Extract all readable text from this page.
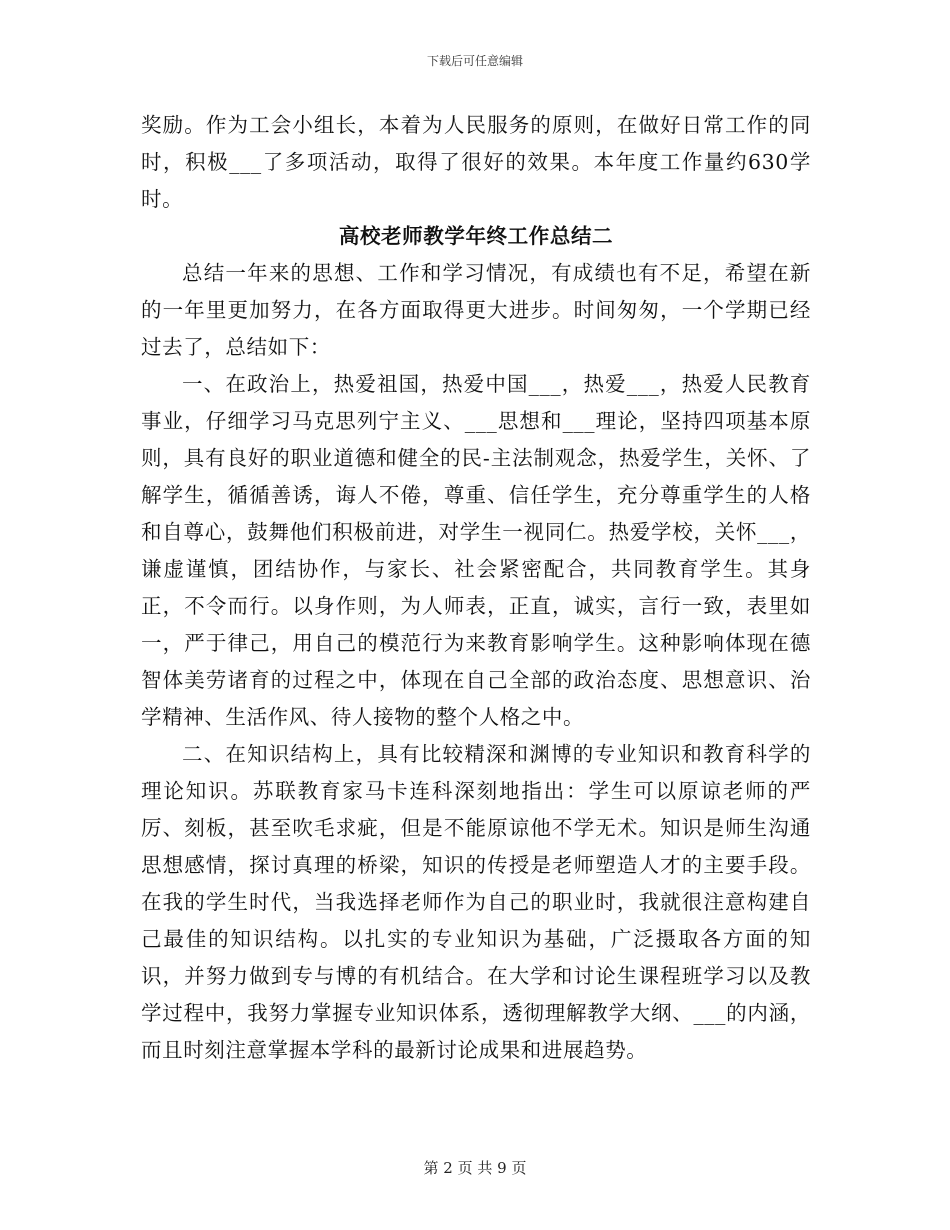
下载后可任意编辑

奖励。作为工会小组长，本着为人民服务的原则，在做好日常工作的同时，积极___了多项活动，取得了很好的效果。本年度工作量约630学时。

高校老师教学年终工作总结二

总结一年来的思想、工作和学习情况，有成绩也有不足，希望在新的一年里更加努力，在各方面取得更大进步。时间匆匆，一个学期已经过去了，总结如下：

一、在政治上，热爱祖国，热爱中国___，热爱___，热爱人民教育事业，仔细学习马克思列宁主义、___思想和___理论，坚持四项基本原则，具有良好的职业道德和健全的民-主法制观念，热爱学生，关怀、了解学生，循循善诱，诲人不倦，尊重、信任学生，充分尊重学生的人格和自尊心，鼓舞他们积极前进，对学生一视同仁。热爱学校，关怀___，谦虚谨慎，团结协作，与家长、社会紧密配合，共同教育学生。其身正，不令而行。以身作则，为人师表，正直，诚实，言行一致，表里如一，严于律己，用自己的模范行为来教育影响学生。这种影响体现在德智体美劳诸育的过程之中，体现在自己全部的政治态度、思想意识、治学精神、生活作风、待人接物的整个人格之中。

二、在知识结构上，具有比较精深和渊博的专业知识和教育科学的理论知识。苏联教育家马卡连科深刻地指出：学生可以原谅老师的严厉、刻板，甚至吹毛求疵，但是不能原谅他不学无术。知识是师生沟通思想感情，探讨真理的桥梁，知识的传授是老师塑造人才的主要手段。在我的学生时代，当我选择老师作为自己的职业时，我就很注意构建自己最佳的知识结构。以扎实的专业知识为基础，广泛摄取各方面的知识，并努力做到专与博的有机结合。在大学和讨论生课程班学习以及教学过程中，我努力掌握专业知识体系，透彻理解教学大纲、___的内涵，而且时刻注意掌握本学科的最新讨论成果和进展趋势。

第 2 页 共 9 页
